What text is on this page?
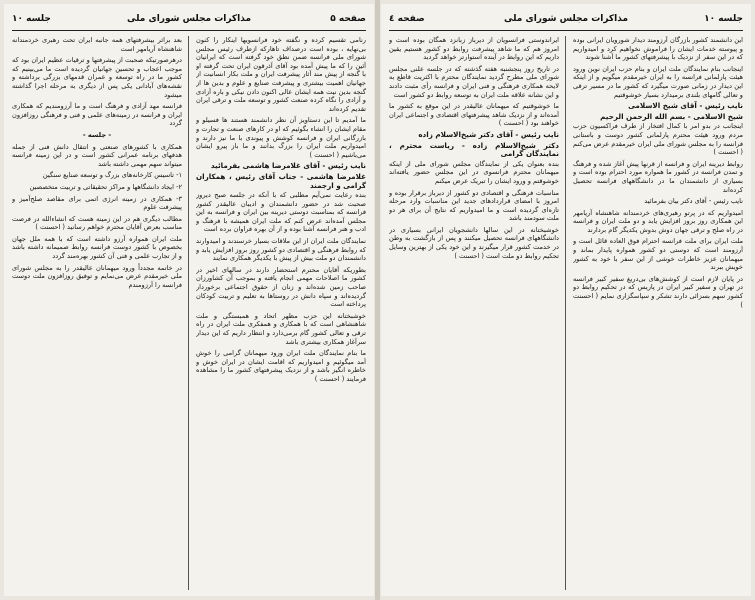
صفحه ۵
مذاکرات مجلس شورای ملی
جلسه ۱۰

رنامی تقسیم کرده و نگفته خود فرانسویها اینکار را کنون بی‌نهایه ، بوده است درصداف تاهارکه ازطرف رئیس مجلس شورای ملی فرانسه ضمن نطق خود گرفته است که ایرانیان آئین را که ما پیش آمده بود آقای آذرقون ایران تحت گرفته او با گنجه از پیش مند آثار پیشرفت ایران و ملت بکار انسانیت از جهانیان اهمیت بیشتری و پیشرفت صنایع و علوم و بدین ها از گنجه بدین نیت همه ایشان عالی اکنون دادن نیکی و باره آزادی و آزادی را نگاه کرده صنعت کشور و توسعه ملت و ترقی ایران تقدیم کرده‌اند

ما آمدیم تا این دستاویز آن نظر دانشمند هستند ها فسیلو و مقام ایشان را انشاء بگوئیم که او در کارهای صنعت و تجارت و بازرگانی ایران و فرانسه کوشش و پیوندی با ما نیز دارند و امیدواریم ملت ایران را بزرگ بدانند و ما باز پیرو ایشان می‌باشیم ( احسنت )

نایب رئیس - آقای غلامرضا هاشمی بفرمائید

غلامرضا هاشمی - جناب آقای رئیس ، همکاران گرامی و ارجمند

بنده رعایت نمی‌آیم مطلبی که با آنکه در جلسه صبح دیروز صحبت شد در حضور دانشمندان و ادیبان عالیقدر کشور فرانسه که بمناسبت دوستی دیرینه بین ایران و فرانسه به این مجلس آمده‌اند عرض کنم که ملت ایران همیشه با فرهنگ و ادب و هنر فرانسه آشنا بوده و از آن بهره فراوان برده است

نمایندگان ملت ایران از این ملاقات بسیار خرسندند و امیدوارند که روابط فرهنگی و اقتصادی دو کشور روز بروز افزایش یابد و دانشمندان دو ملت بیش از پیش با یکدیگر همکاری نمایند

بطوریکه آقایان محترم استحضار دارند در سالهای اخیر در کشور ما اصلاحات مهمی انجام یافته و بموجب آن کشاورزان صاحب زمین شده‌اند و زنان از حقوق اجتماعی برخوردار گردیده‌اند و سپاه دانش در روستاها به تعلیم و تربیت کودکان پرداخته است

خوشبختانه این حزب مظهر اتحاد و همبستگی و ملت شاهنشاهی است که با همکاری و همفکری ملت ایران در راه ترقی و تعالی کشور گام برمی‌دارد و انتظار داریم که این دیدار سرآغاز همکاری بیشتری باشد

ما بنام نمایندگان ملت ایران ورود میهمانان گرامی را خوش آمد میگوئیم و امیدواریم که اقامت ایشان در ایران خوش و خاطره انگیز باشد و از نزدیک پیشرفتهای کشور ما را مشاهده فرمایند ( احسنت )

بعد براثر بیشرفتهای همه جانبه ایران تحت رهبری خردمندانه شاهنشاه آریامهر است

درهرصورتیکه صحبت از پیشرفتها و ترقیات عظیم ایران بود که موجب اعجاب و تحسین جهانیان گردیده است ما می‌بینیم که کشور ما در راه توسعه و عمران قدمهای بزرگی برداشته و نقشه‌های آبادانی یکی پس از دیگری به مرحله اجرا گذاشته میشود

فرانسه مهد آزادی و فرهنگ است و ما آرزومندیم که همکاری ایران و فرانسه در زمینه‌های علمی و فنی و فرهنگی روزافزون گردد

- جلسه -

همکاری با کشورهای صنعتی و انتقال دانش فنی از جمله هدفهای برنامه عمرانی کشور است و در این زمینه فرانسه میتواند سهم مهمی داشته باشد

۱- تاسیس کارخانه‌های بزرگ و توسعه صنایع سنگین

۲- ایجاد دانشگاهها و مراکز تحقیقاتی و تربیت متخصصین

۳- همکاری در زمینه انرژی اتمی برای مقاصد صلح‌آمیز و پیشرفت علوم

مطالب دیگری هم در این زمینه هست که انشاءالله در فرصت مناسب بعرض آقایان محترم خواهم رسانید ( احسنت )

ملت ایران همواره آرزو داشته است که با همه ملل جهان بخصوص با کشور دوست فرانسه روابط صمیمانه داشته باشد و از تجارب علمی و فنی آن کشور بهره‌مند گردد

در خاتمه مجدداً ورود میهمانان عالیقدر را به مجلس شورای ملی خیرمقدم عرض می‌نمایم و توفیق روزافزون ملت دوست فرانسه را آرزومندم

جلسه ۱۰
مذاکرات مجلس شورای ملی
صفحه ٤

این دانشمند کشور بازرگان آرزومند دیدار شورویان ایرانی بوده و پیوسته خدمات ایشان را فراموش نخواهیم کرد و امیدواریم که در این سفر از نزدیک با پیشرفتهای کشور ما آشنا شوند

اینجانب بنام نمایندگان ملت ایران و بنام حزب ایران نوین ورود هیئت پارلمانی فرانسه را به ایران خیرمقدم میگویم و از اینکه این دیدار در زمانی صورت میگیرد که کشور ما در مسیر ترقی و تعالی گامهای بلندی برمیدارد بسیار خوشوقتیم

نایب رئیس - آقای شیخ الاسلامی

شیخ الاسلامی - بسم الله الرحمن الرحیم

اینجانب در بدو امر با کمال افتخار از طرف فراکسیون حزب مردم ورود هیئت محترم پارلمانی کشور دوست و باستانی فرانسه را به مجلس شورای ملی ایران خیرمقدم عرض می‌کنم ( احسنت )

روابط دیرینه ایران و فرانسه از قرنها پیش آغاز شده و فرهنگ و تمدن فرانسه در کشور ما همواره مورد احترام بوده است و بسیاری از دانشمندان ما در دانشگاههای فرانسه تحصیل کرده‌اند

نایب رئیس - آقای دکتر بیان بفرمائید

امیدواریم که در پرتو رهبری‌های خردمندانه شاهنشاه آریامهر این همکاری روز بروز افزایش یابد و دو ملت ایران و فرانسه در راه صلح و ترقی جهان دوش بدوش یکدیگر گام بردارند

ملت ایران برای ملت فرانسه احترام فوق العاده قائل است و آرزومند است که دوستی دو کشور همواره پایدار بماند و میهمانان عزیز خاطرات خوشی از این سفر با خود به کشور خویش ببرند

در پایان لازم است از کوشش‌های بی‌دریغ سفیر کبیر فرانسه در تهران و سفیر کبیر ایران در پاریس که در تحکیم روابط دو کشور سهم بسزائی دارند تشکر و سپاسگزاری نمایم ( احسنت )

ایراندوستی فرانسویان از دیرباز زبانزد همگان بوده است و امروز هم که ما شاهد پیشرفت روابط دو کشور هستیم یقین داریم که این روابط در آینده استوارتر خواهد گردید

در تاریخ روز پنجشنبه هفته گذشته که در جلسه علنی مجلس شورای ملی مطرح گردید نمایندگان محترم با اکثریت قاطع به لایحه همکاری فرهنگی و فنی ایران و فرانسه رأی مثبت دادند و این نشانه علاقه ملت ایران به توسعه روابط دو کشور است

ما خوشوقتیم که میهمانان عالیقدر در این موقع به کشور ما آمده‌اند و از نزدیک شاهد پیشرفتهای اقتصادی و اجتماعی ایران خواهند بود ( احسنت )

نایب رئیس - آقای دکتر شیخ‌الاسلام زاده

دکتر شیخ‌الاسلام زاده - ریاست محترم ، نمایندگان گرامی

بنده بعنوان یکی از نمایندگان مجلس شورای ملی از اینکه میهمانان محترم فرانسوی در این مجلس حضور یافته‌اند خوشوقتم و ورود ایشان را تبریک عرض میکنم

مناسبات فرهنگی و اقتصادی دو کشور از دیرباز برقرار بوده و امروز با امضای قراردادهای جدید این مناسبات وارد مرحله تازه‌ای گردیده است و ما امیدواریم که نتایج آن برای هر دو ملت سودمند باشد

خوشبختانه در این سالها دانشجویان ایرانی بسیاری در دانشگاههای فرانسه تحصیل میکنند و پس از بازگشت به وطن در خدمت کشور قرار میگیرند و این خود یکی از بهترین وسایل تحکیم روابط دو ملت است ( احسنت )
